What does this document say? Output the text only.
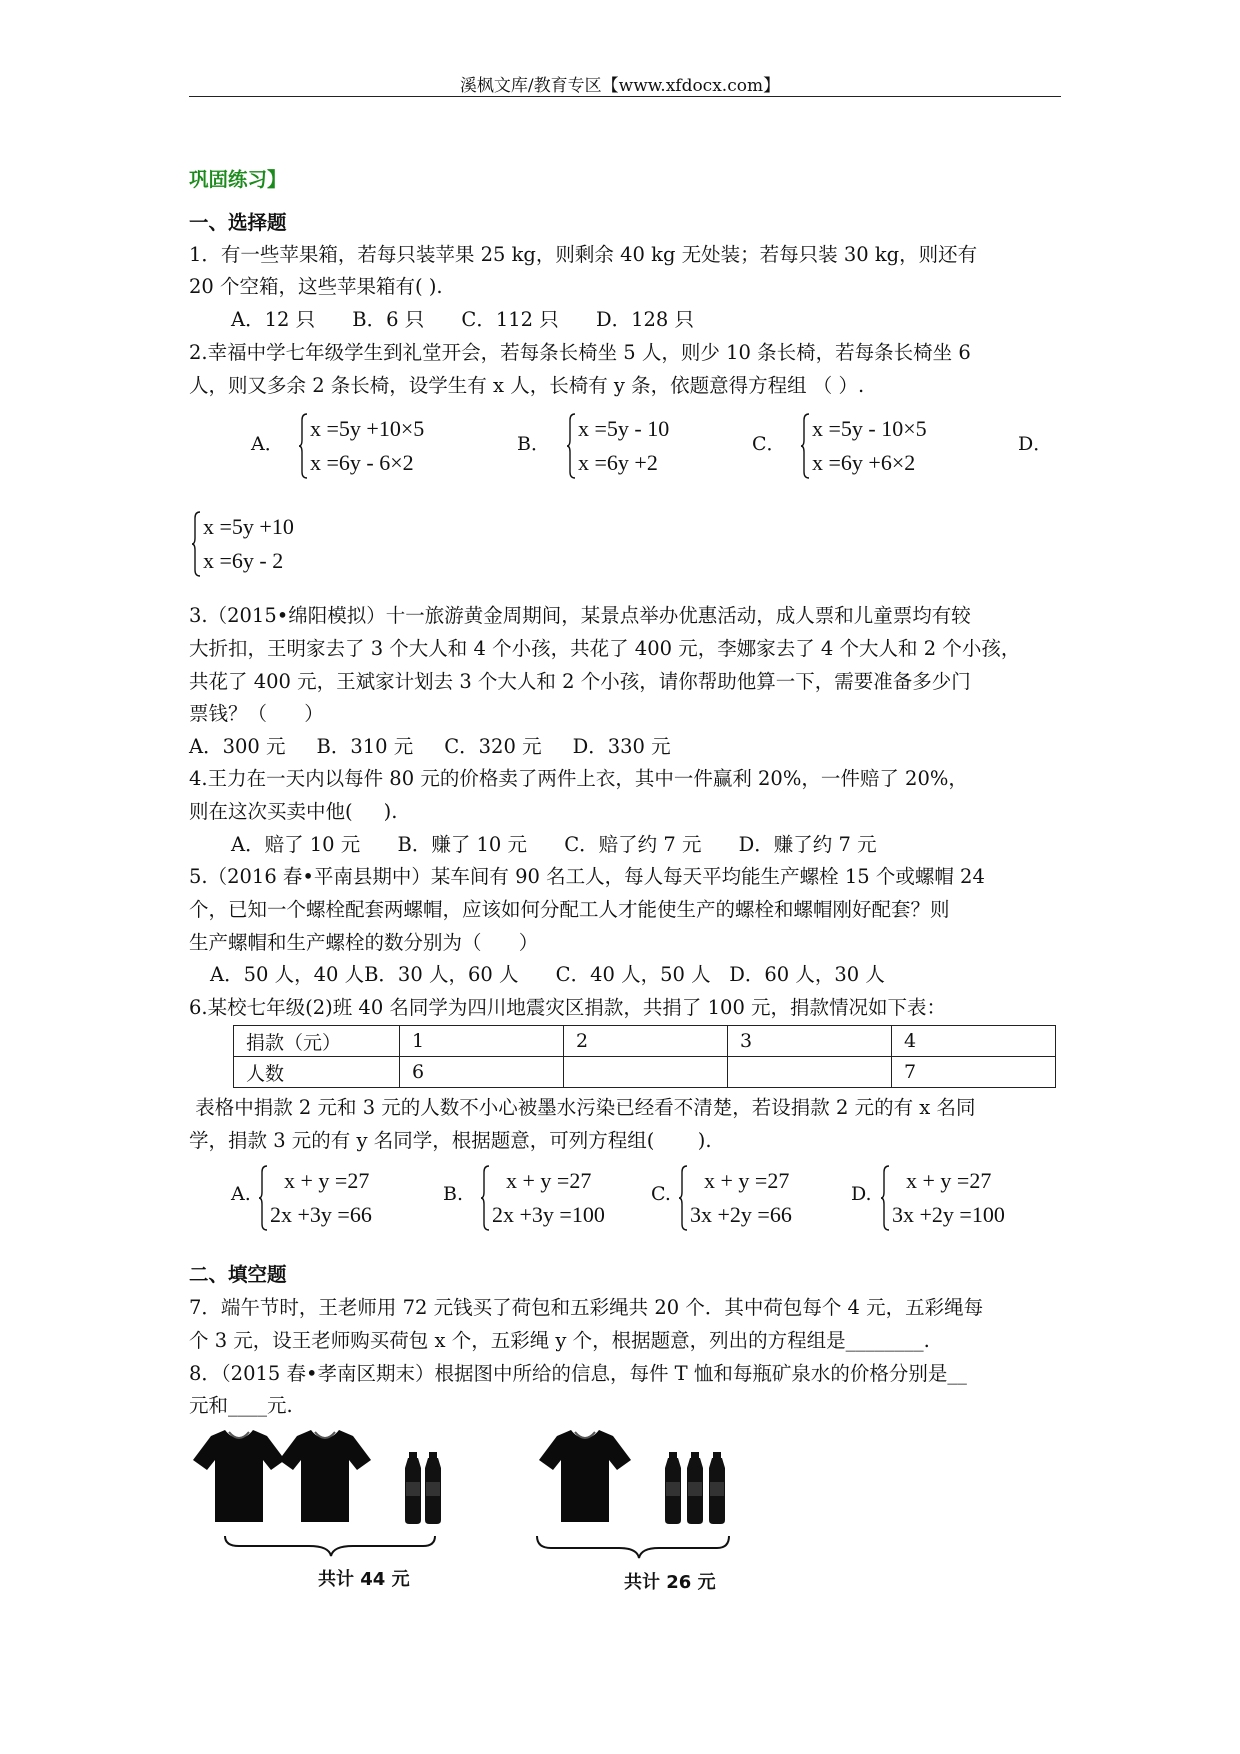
溪枫文库/教育专区【www.xfdocx.com】
巩固练习】
一、选择题
1．有一些苹果箱，若每只装苹果 25 kg，则剩余 40 kg 无处装；若每只装 30 kg，则还有
20 个空箱，这些苹果箱有( ).
A．12 只      B．6 只      C．112 只      D．128 只
2.幸福中学七年级学生到礼堂开会，若每条长椅坐 5 人，则少 10 条长椅，若每条长椅坐 6
人，则又多余 2 条长椅，设学生有 x 人，长椅有 y 条，依题意得方程组 （ ）.
A．
x =5y +10×5
x =6y - 6×2
B．
x =5y - 10
x =6y +2
C．
x =5y - 10×5
x =6y +6×2
D．
x =5y +10
x =6y - 2
3.（2015•绵阳模拟）十一旅游黄金周期间，某景点举办优惠活动，成人票和儿童票均有较
大折扣，王明家去了 3 个大人和 4 个小孩，共花了 400 元，李娜家去了 4 个大人和 2 个小孩，
共花了 400 元，王斌家计划去 3 个大人和 2 个小孩，请你帮助他算一下，需要准备多少门
票钱？（      ）
A．300 元     B．310 元     C．320 元     D．330 元
4.王力在一天内以每件 80 元的价格卖了两件上衣，其中一件赢利 20%，一件赔了 20%，
则在这次买卖中他(     ).
A．赔了 10 元      B．赚了 10 元      C．赔了约 7 元      D．赚了约 7 元
5.（2016 春•平南县期中）某车间有 90 名工人，每人每天平均能生产螺栓 15 个或螺帽 24
个，已知一个螺栓配套两螺帽，应该如何分配工人才能使生产的螺栓和螺帽刚好配套？则
生产螺帽和生产螺栓的数分别为（      ）
A．50 人，40 人B．30 人，60 人      C．40 人，50 人   D．60 人，30 人
6.某校七年级(2)班 40 名同学为四川地震灾区捐款，共捐了 100 元，捐款情况如下表：
捐款（元）	1	2	3	4
人数	6			7
表格中捐款 2 元和 3 元的人数不小心被墨水污染已经看不清楚，若设捐款 2 元的有 x 名同
学，捐款 3 元的有 y 名同学，根据题意，可列方程组(       ).
A.
x + y =27
2x +3y =66
B.
x + y =27
2x +3y =100
C.
x + y =27
3x +2y =66
D.
x + y =27
3x +2y =100
二、填空题
7．端午节时，王老师用 72 元钱买了荷包和五彩绳共 20 个．其中荷包每个 4 元，五彩绳每
个 3 元，设王老师购买荷包 x 个，五彩绳 y 个，根据题意，列出的方程组是________.
8．（2015 春•孝南区期末）根据图中所给的信息，每件 T 恤和每瓶矿泉水的价格分别是__
元和____元.
共计 44 元	共计 26 元
